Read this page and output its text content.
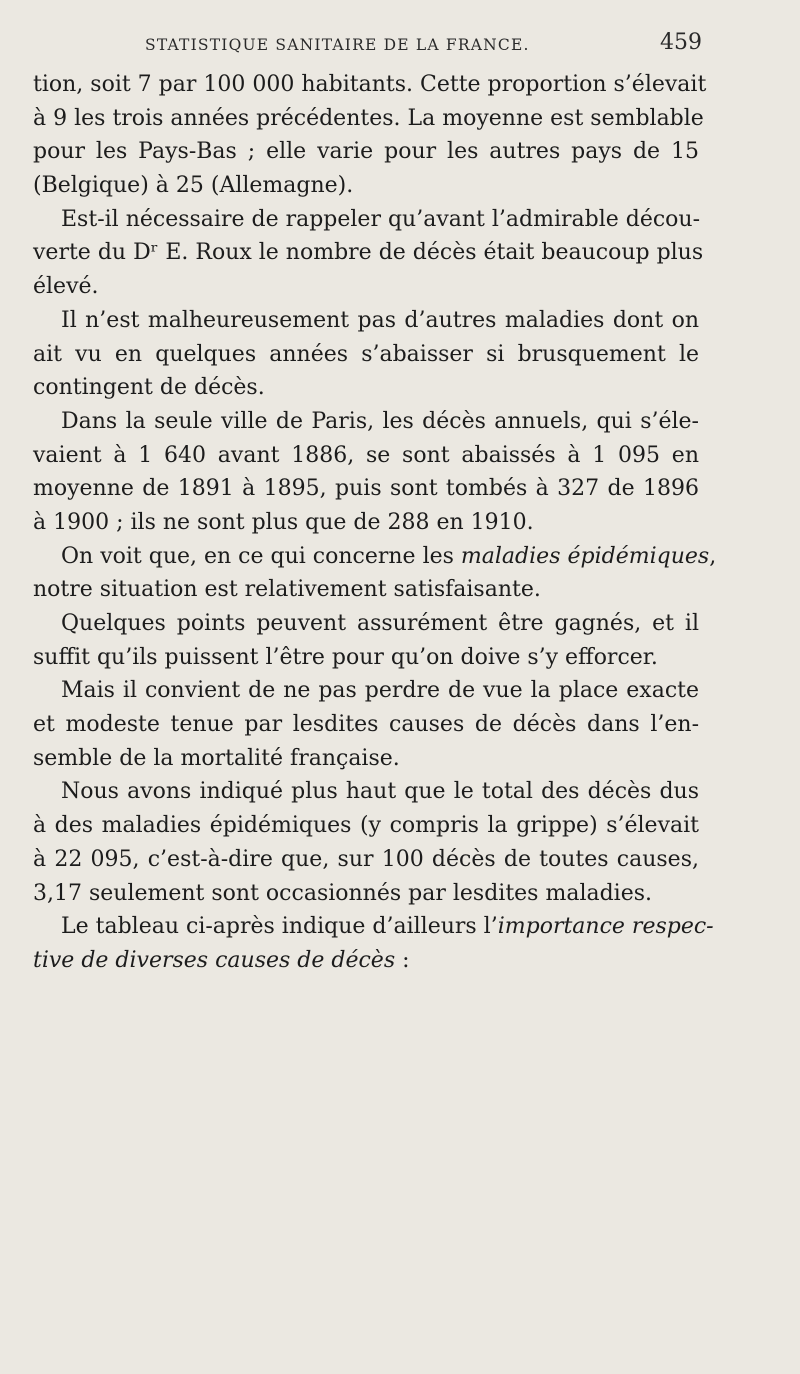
STATISTIQUE SANITAIRE DE LA FRANCE.	459
tion, soit 7 par 100 000 habitants. Cette proportion s’élevait
à 9 les trois années précédentes. La moyenne est semblable
pour les Pays-Bas ; elle varie pour les autres pays de 15
(Belgique) à 25 (Allemagne).
Est-il nécessaire de rappeler qu’avant l’admirable décou-
verte du Dʳ E. Roux le nombre de décès était beaucoup plus
élevé.
Il n’est malheureusement pas d’autres maladies dont on
ait vu en quelques années s’abaisser si brusquement le
contingent de décès.
Dans la seule ville de Paris, les décès annuels, qui s’éle-
vaient à 1 640 avant 1886, se sont abaissés à 1 095 en
moyenne de 1891 à 1895, puis sont tombés à 327 de 1896
à 1900 ; ils ne sont plus que de 288 en 1910.
On voit que, en ce qui concerne les maladies épidémiques,
notre situation est relativement satisfaisante.
Quelques points peuvent assurément être gagnés, et il
suffit qu’ils puissent l’être pour qu’on doive s’y efforcer.
Mais il convient de ne pas perdre de vue la place exacte
et modeste tenue par lesdites causes de décès dans l’en-
semble de la mortalité française.
Nous avons indiqué plus haut que le total des décès dus
à des maladies épidémiques (y compris la grippe) s’élevait
à 22 095, c’est-à-dire que, sur 100 décès de toutes causes,
3,17 seulement sont occasionnés par lesdites maladies.
Le tableau ci-après indique d’ailleurs l’importance respec-
tive de diverses causes de décès :
